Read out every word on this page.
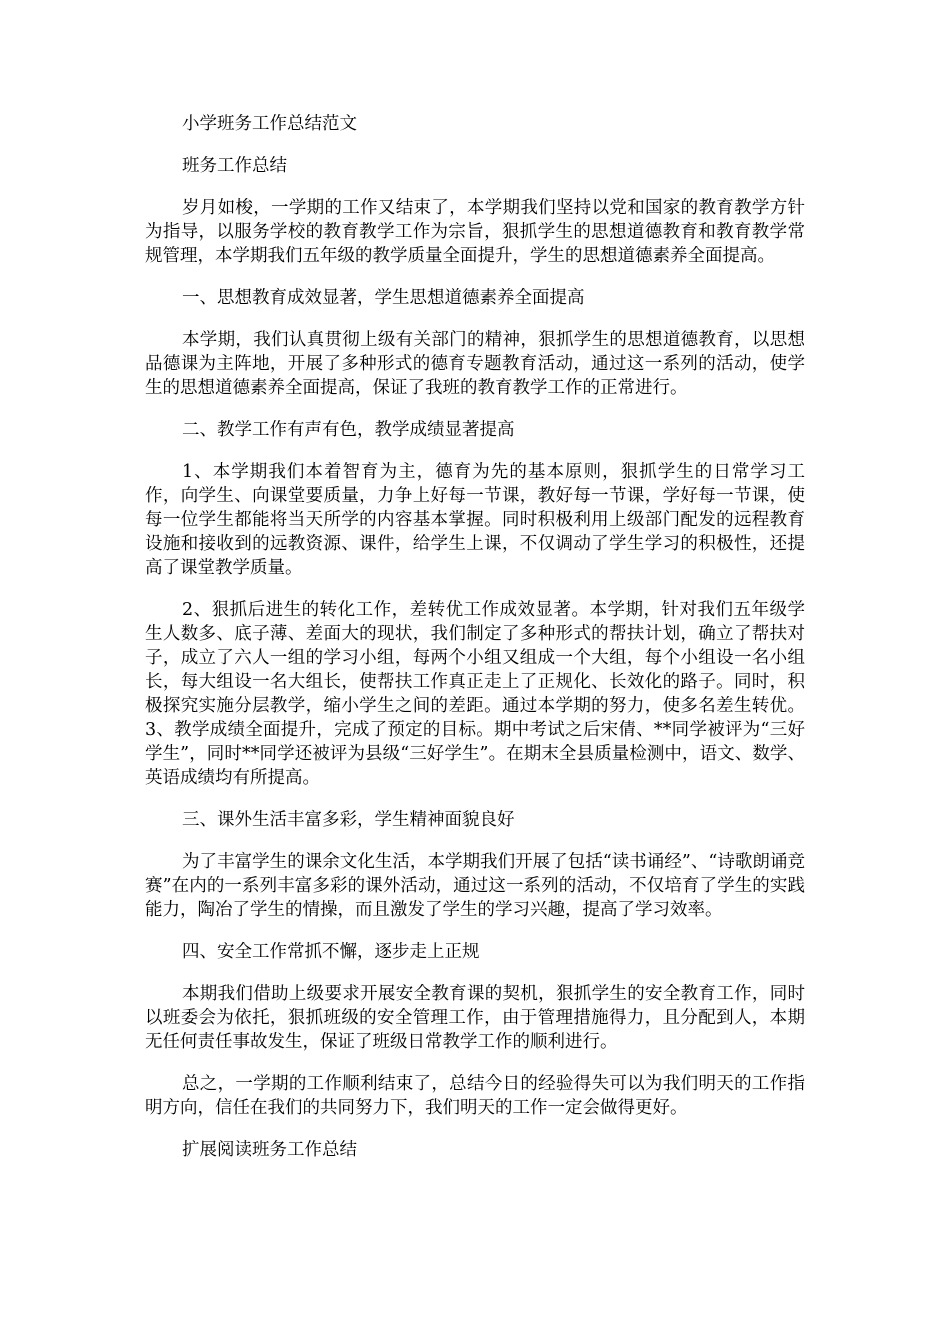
小学班务工作总结范文

班务工作总结

岁月如梭，一学期的工作又结束了，本学期我们坚持以党和国家的教育教学方针为指导，以服务学校的教育教学工作为宗旨，狠抓学生的思想道德教育和教育教学常规管理，本学期我们五年级的教学质量全面提升，学生的思想道德素养全面提高。

一、思想教育成效显著，学生思想道德素养全面提高

本学期，我们认真贯彻上级有关部门的精神，狠抓学生的思想道德教育，以思想品德课为主阵地，开展了多种形式的德育专题教育活动，通过这一系列的活动，使学生的思想道德素养全面提高，保证了我班的教育教学工作的正常进行。

二、教学工作有声有色，教学成绩显著提高

1、本学期我们本着智育为主，德育为先的基本原则，狠抓学生的日常学习工作，向学生、向课堂要质量，力争上好每一节课，教好每一节课，学好每一节课，使每一位学生都能将当天所学的内容基本掌握。同时积极利用上级部门配发的远程教育设施和接收到的远教资源、课件，给学生上课，不仅调动了学生学习的积极性，还提高了课堂教学质量。

2、狠抓后进生的转化工作，差转优工作成效显著。本学期，针对我们五年级学生人数多、底子薄、差面大的现状，我们制定了多种形式的帮扶计划，确立了帮扶对子，成立了六人一组的学习小组，每两个小组又组成一个大组，每个小组设一名小组长，每大组设一名大组长，使帮扶工作真正走上了正规化、长效化的路子。同时，积极探究实施分层教学，缩小学生之间的差距。通过本学期的努力，使多名差生转优。3、教学成绩全面提升，完成了预定的目标。期中考试之后宋倩、**同学被评为“三好学生”，同时**同学还被评为县级“三好学生”。在期末全县质量检测中，语文、数学、英语成绩均有所提高。

三、课外生活丰富多彩，学生精神面貌良好

为了丰富学生的课余文化生活，本学期我们开展了包括“读书诵经”、“诗歌朗诵竞赛”在内的一系列丰富多彩的课外活动，通过这一系列的活动，不仅培育了学生的实践能力，陶冶了学生的情操，而且激发了学生的学习兴趣，提高了学习效率。

四、安全工作常抓不懈，逐步走上正规

本期我们借助上级要求开展安全教育课的契机，狠抓学生的安全教育工作，同时以班委会为依托，狠抓班级的安全管理工作，由于管理措施得力，且分配到人，本期无任何责任事故发生，保证了班级日常教学工作的顺利进行。

总之，一学期的工作顺利结束了，总结今日的经验得失可以为我们明天的工作指明方向，信任在我们的共同努力下，我们明天的工作一定会做得更好。

扩展阅读班务工作总结
